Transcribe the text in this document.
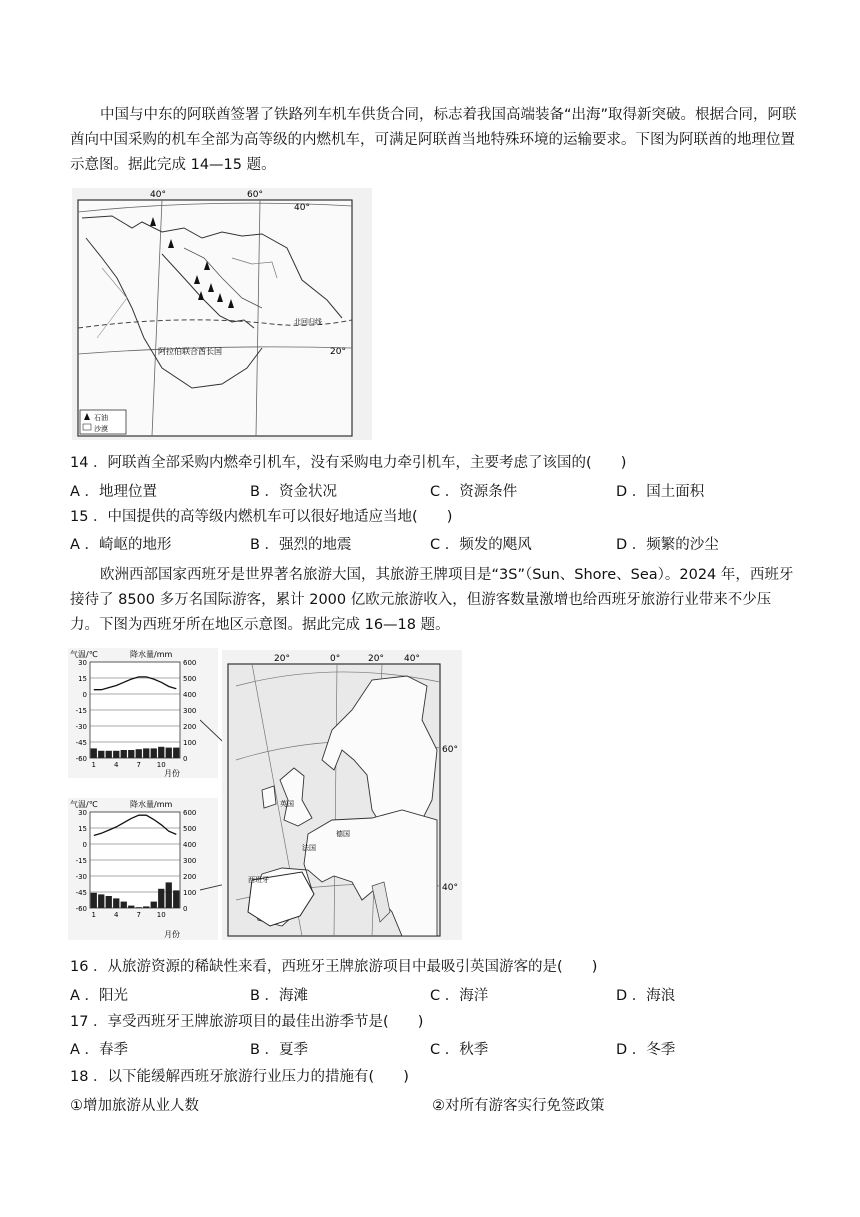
中国与中东的阿联酋签署了铁路列车机车供货合同，标志着我国高端装备“出海”取得新突破。根据合同，阿联酋向中国采购的机车全部为高等级的内燃机车，可满足阿联酋当地特殊环境的运输要求。下图为阿联酋的地理位置示意图。据此完成 14—15 题。

40°
40°	60°
20°
北回归线
阿拉伯联合酋长国
石油
沙漠

14 ．阿联酋全部采购内燃牵引机车，没有采购电力牵引机车，主要考虑了该国的(　　)

A ．地理位置	B ．资金状况	C ．资源条件	D ．国土面积

15 ．中国提供的高等级内燃机车可以很好地适应当地(　　)

A ．崎岖的地形	B ．强烈的地震	C ．频发的飓风	D ．频繁的沙尘

欧洲西部国家西班牙是世界著名旅游大国，其旅游王牌项目是“3S”（Sun、Shore、Sea）。2024 年，西班牙接待了 8500 多万名国际游客，累计 2000 亿欧元旅游收入，但游客数量激增也给西班牙旅游行业带来不少压力。下图为西班牙所在地区示意图。据此完成 16—18 题。

气温/℃	降水量/mm
30	600
15	500
0	400
-15	300
-30	200
-45	100
-60	0
1	4	7 10
月份
气温/℃	降水量/mm
30	600
15	500
0	400
-15	300
-30	200
-45	100
-60	0
1	4	7 10
月份
20°	0°	20° 40°
60°
40°
英国
西班牙
法国
德国

16 ．从旅游资源的稀缺性来看，西班牙王牌旅游项目中最吸引英国游客的是(　　)

A ．阳光	B ．海滩	C ．海洋	D ．海浪

17 ．享受西班牙王牌旅游项目的最佳出游季节是(　　)

A ．春季	B ．夏季	C ．秋季	D ．冬季

18 ．以下能缓解西班牙旅游行业压力的措施有(　　)

①增加旅游从业人数	②对所有游客实行免签政策
